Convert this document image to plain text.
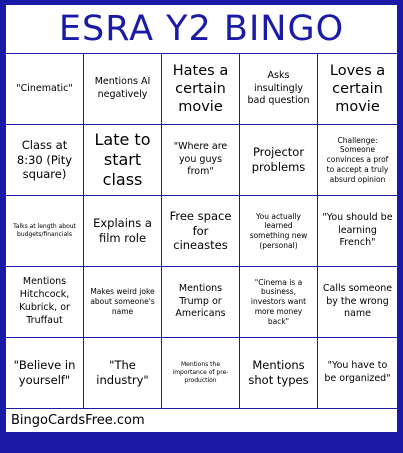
ESRA Y2 BINGO
"Cinematic"
Mentions AI negatively
Hates a certain movie
Asks insultingly bad question
Loves a certain movie
Class at 8:30 (Pity square)
Late to start class
"Where are you guys from"
Projector problems
Challenge: Someone convinces a prof to accept a truly absurd opinion
Talks at length about budgets/financials
Explains a film role
Free space for cineastes
You actually learned something new (personal)
"You should be learning French"
Mentions Hitchcock, Kubrick, or Truffaut
Makes weird joke about someone's name
Mentions Trump or Americans
"Cinema is a business, investors want more money back"
Calls someone by the wrong name
"Believe in yourself"
"The industry"
Mentions the importance of pre-production
Mentions shot types
"You have to be organized"
BingoCardsFree.com
